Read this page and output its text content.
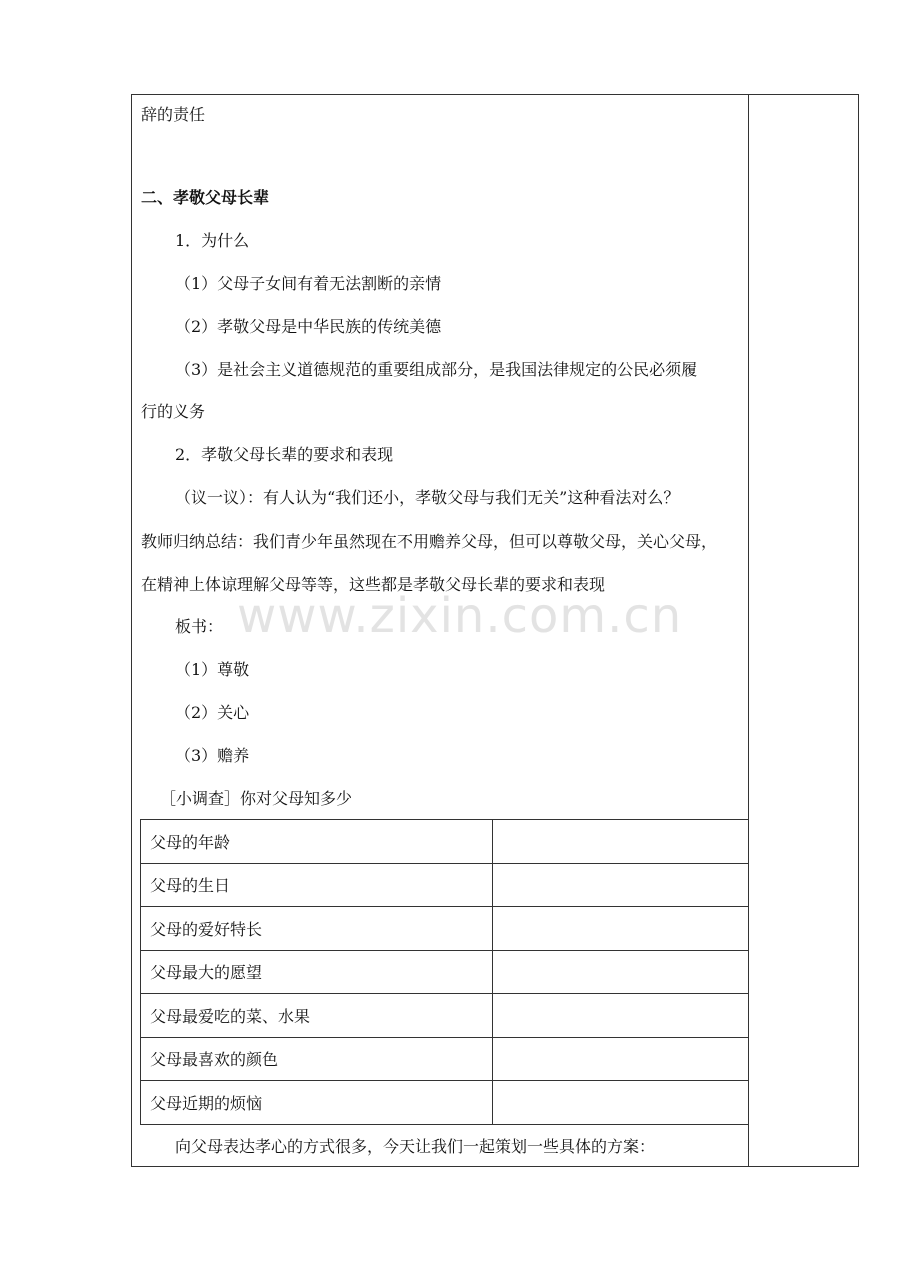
www.zixin.com.cn
辞的责任
二、孝敬父母长辈
1．为什么
（1）父母子女间有着无法割断的亲情
（2）孝敬父母是中华民族的传统美德
（3）是社会主义道德规范的重要组成部分，是我国法律规定的公民必须履
行的义务
2．孝敬父母长辈的要求和表现
（议一议）：有人认为“我们还小，孝敬父母与我们无关”这种看法对么？
教师归纳总结：我们青少年虽然现在不用赡养父母，但可以尊敬父母，关心父母，
在精神上体谅理解父母等等，这些都是孝敬父母长辈的要求和表现
板书：
（1）尊敬
（2）关心
（3）赡养
［小调查］你对父母知多少
父母的年龄	
父母的生日	
父母的爱好特长	
父母最大的愿望	
父母最爱吃的菜、水果	
父母最喜欢的颜色	
父母近期的烦恼	
向父母表达孝心的方式很多，今天让我们一起策划一些具体的方案：
